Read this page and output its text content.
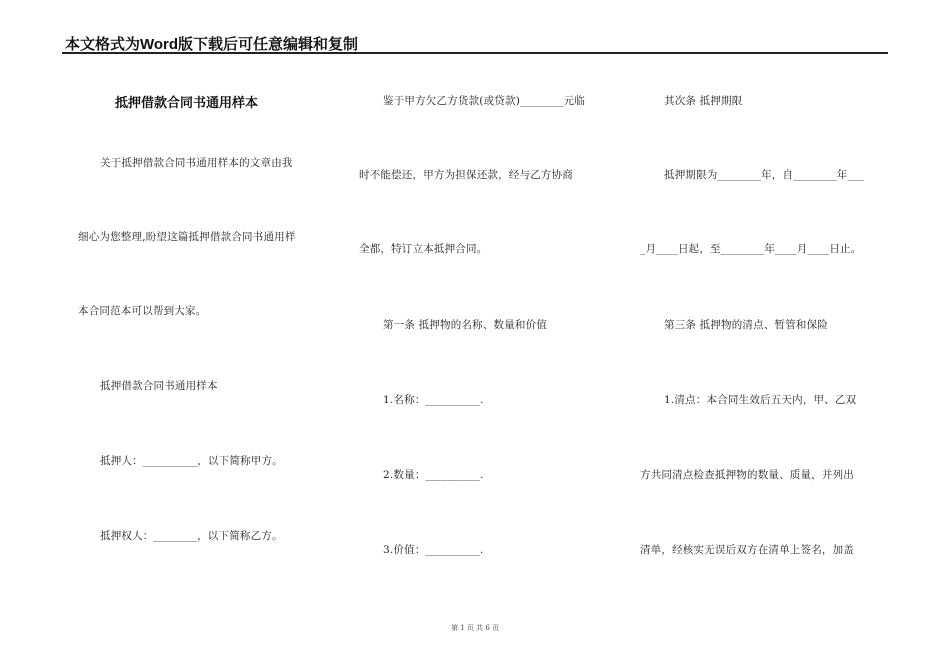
本文格式为Word版下载后可任意编辑和复制
抵押借款合同书通用样本
关于抵押借款合同书通用样本的文章由我
细心为您整理,盼望这篇抵押借款合同书通用样
本合同范本可以帮到大家。
抵押借款合同书通用样本
抵押人：__________，以下简称甲方。
抵押权人：________，以下简称乙方。
鉴于甲方欠乙方货款(或贷款)________元临
时不能偿还，甲方为担保还款，经与乙方协商
全都，特订立本抵押合同。
第一条 抵押物的名称、数量和价值
1.名称：__________.
2.数量：__________.
3.价值：__________.
其次条 抵押期限
抵押期限为________年，自________年___
_月____日起，至________年____月____日止。
第三条 抵押物的清点、暂管和保险
1.清点：本合同生效后五天内，甲、乙双
方共同清点检查抵押物的数量、质量，并列出
清单，经核实无误后双方在清单上签名，加盖
第 1 页 共 6 页
